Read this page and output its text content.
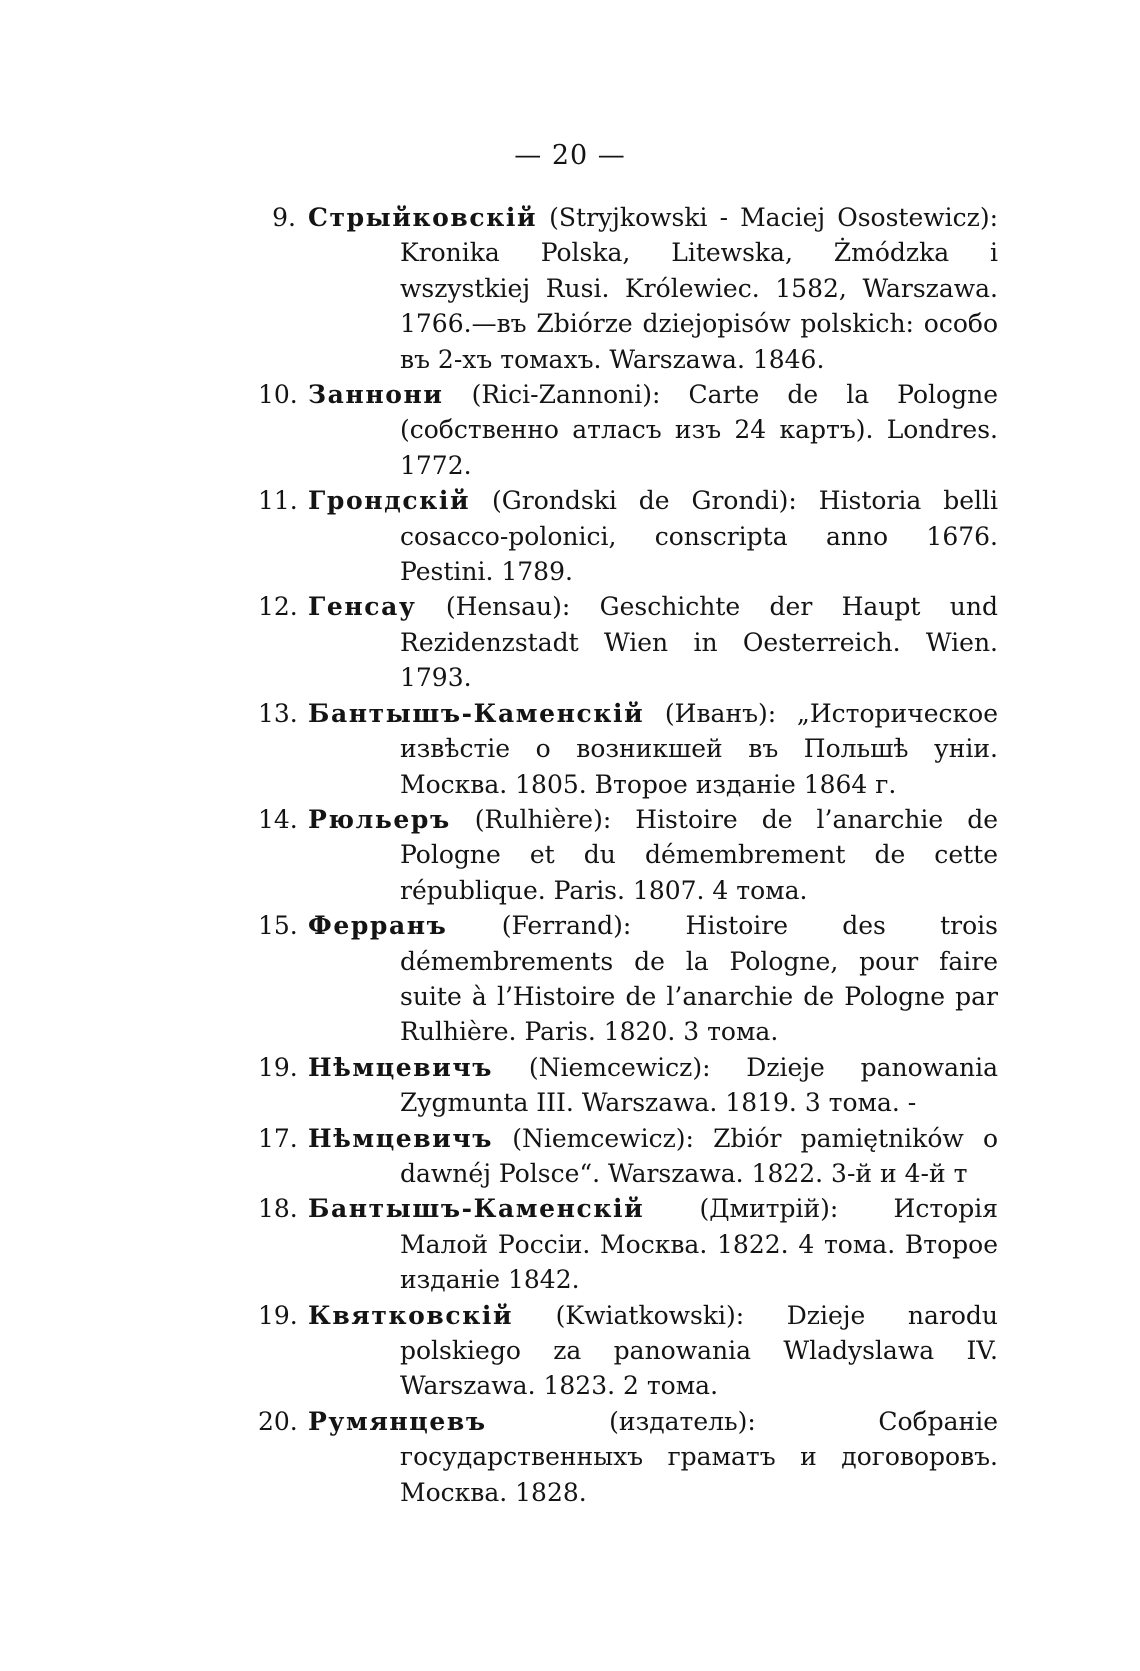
— 20 —
9. Стрыйковскій (Stryjkowski - Maciej Osostewicz): Kronika Polska, Litewska, Żmódzka i wszystkiej Rusi. Królewiec. 1582, Warszawa. 1766.—въ Zbiórze dziejopisów polskich: особо въ 2-хъ томахъ. Warszawa. 1846.
10. Заннони (Rici-Zannoni): Carte de la Pologne (собственно атласъ изъ 24 картъ). Londres. 1772.
11. Грондскій (Grondski de Grondi): Historia belli cosacco-polonici, conscripta anno 1676. Pestini. 1789.
12. Генсау (Hensau): Geschichte der Haupt und Rezidenzstadt Wien in Oesterreich. Wien. 1793.
13. Бантышъ-Каменскій (Иванъ): „Историческое извѣстіе о возникшей въ Польшѣ уніи. Москва. 1805. Второе изданіе 1864 г.
14. Рюльеръ (Rulhière): Histoire de l’anarchie de Pologne et du démembrement de cette république. Paris. 1807. 4 тома.
15. Ферранъ (Ferrand): Histoire des trois démembrements de la Pologne, pour faire suite à l’Histoire de l’anarchie de Pologne par Rulhière. Paris. 1820. 3 тома.
19. Нѣмцевичъ (Niemcewicz): Dzieje panowania Zygmunta III. Warszawa. 1819. 3 тома. -
17. Нѣмцевичъ (Niemcewicz): Zbiór pamiętników o dawnéj Polsce“. Warszawa. 1822. 3-й и 4-й т
18. Бантышъ-Каменскій (Дмитрій): Исторія Малой Россіи. Москва. 1822. 4 тома. Второе изданіе 1842.
19. Квятковскій (Kwiatkowski): Dzieje narodu polskiego za panowania Wladyslawa IV. Warszawa. 1823. 2 тома.
20. Румянцевъ (издатель): Собраніе государственныхъ граматъ и договоровъ. Москва. 1828.
